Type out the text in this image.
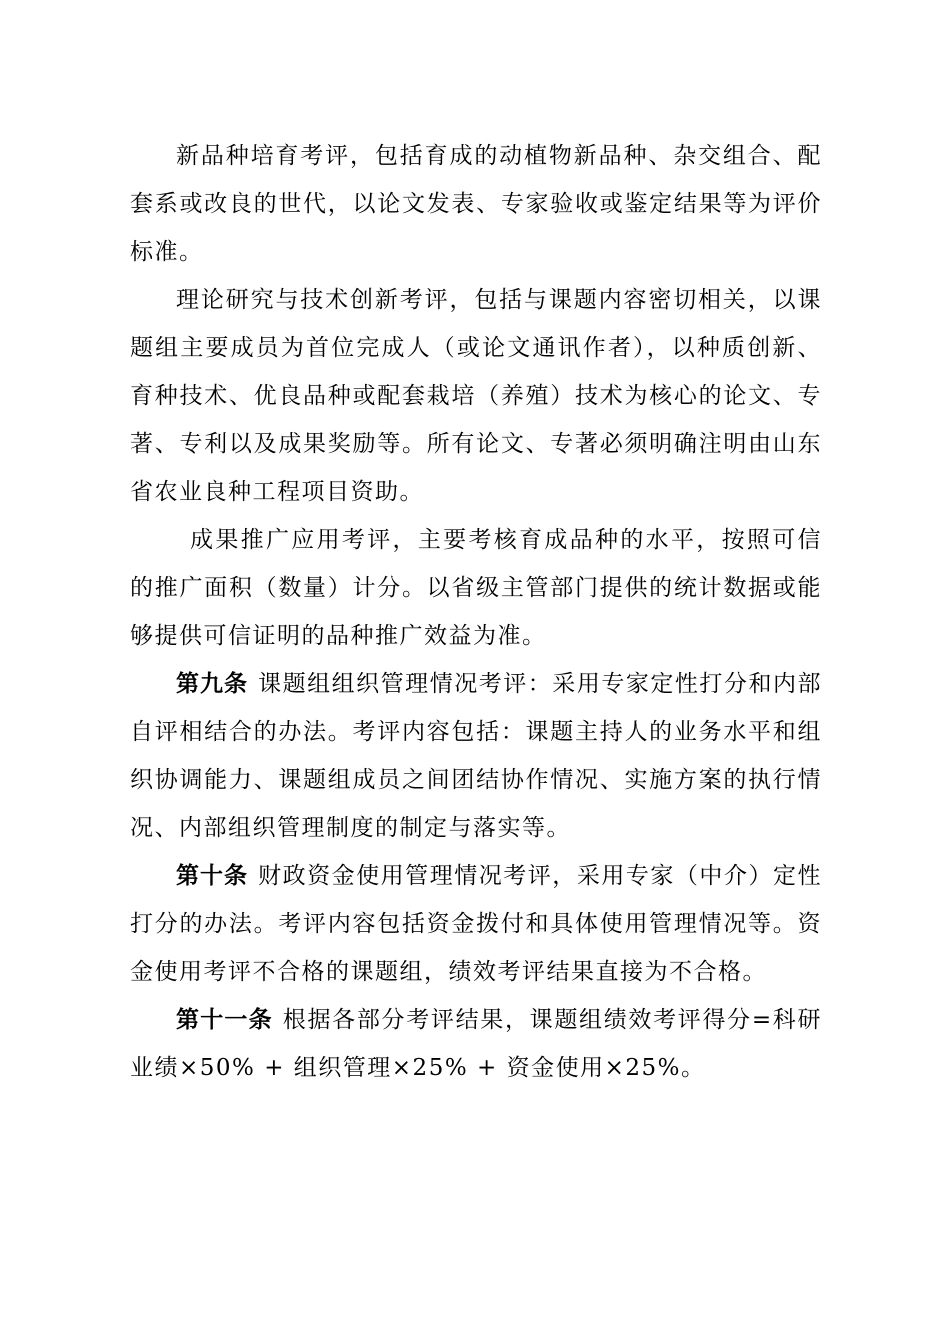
新品种培育考评，包括育成的动植物新品种、杂交组合、配套系或改良的世代，以论文发表、专家验收或鉴定结果等为评价标准。

理论研究与技术创新考评，包括与课题内容密切相关，以课题组主要成员为首位完成人（或论文通讯作者），以种质创新、育种技术、优良品种或配套栽培（养殖）技术为核心的论文、专著、专利以及成果奖励等。所有论文、专著必须明确注明由山东省农业良种工程项目资助。

成果推广应用考评，主要考核育成品种的水平，按照可信的推广面积（数量）计分。以省级主管部门提供的统计数据或能够提供可信证明的品种推广效益为准。

第九条 课题组组织管理情况考评：采用专家定性打分和内部自评相结合的办法。考评内容包括：课题主持人的业务水平和组织协调能力、课题组成员之间团结协作情况、实施方案的执行情况、内部组织管理制度的制定与落实等。

第十条 财政资金使用管理情况考评，采用专家（中介）定性打分的办法。考评内容包括资金拨付和具体使用管理情况等。资金使用考评不合格的课题组，绩效考评结果直接为不合格。

第十一条 根据各部分考评结果，课题组绩效考评得分=科研业绩×50% + 组织管理×25% + 资金使用×25%。
